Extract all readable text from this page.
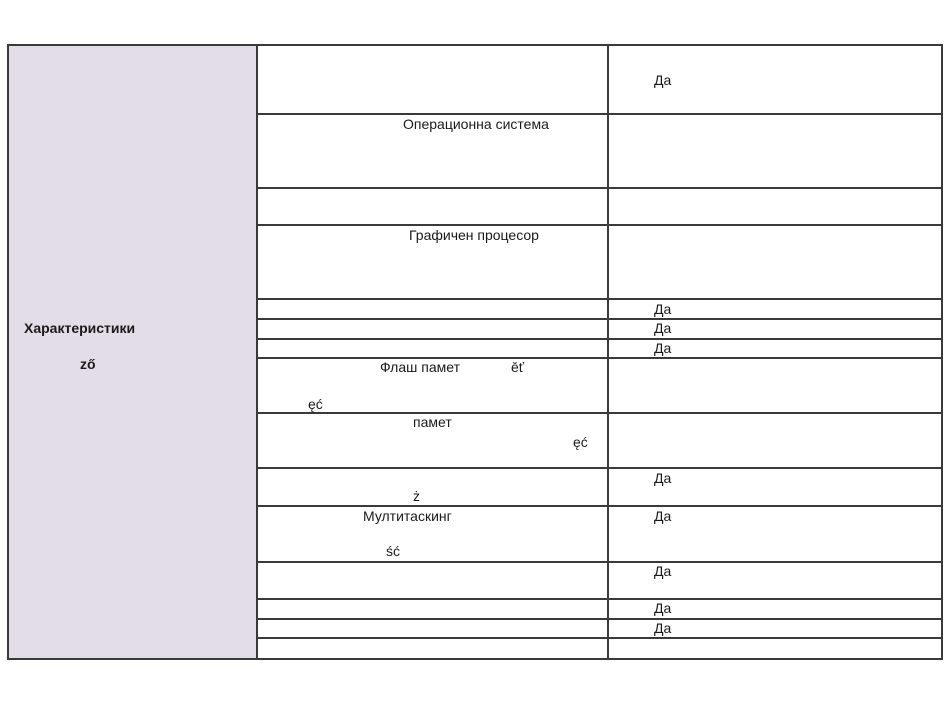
Характеристики
ző
Да
Да
Да
Да
Да
Да
Да
Да
Да
Операционна система
Графичен процесор
Флаш памет	ěť
ęć
памет
ęć
ż
Мултитаскинг
ść
